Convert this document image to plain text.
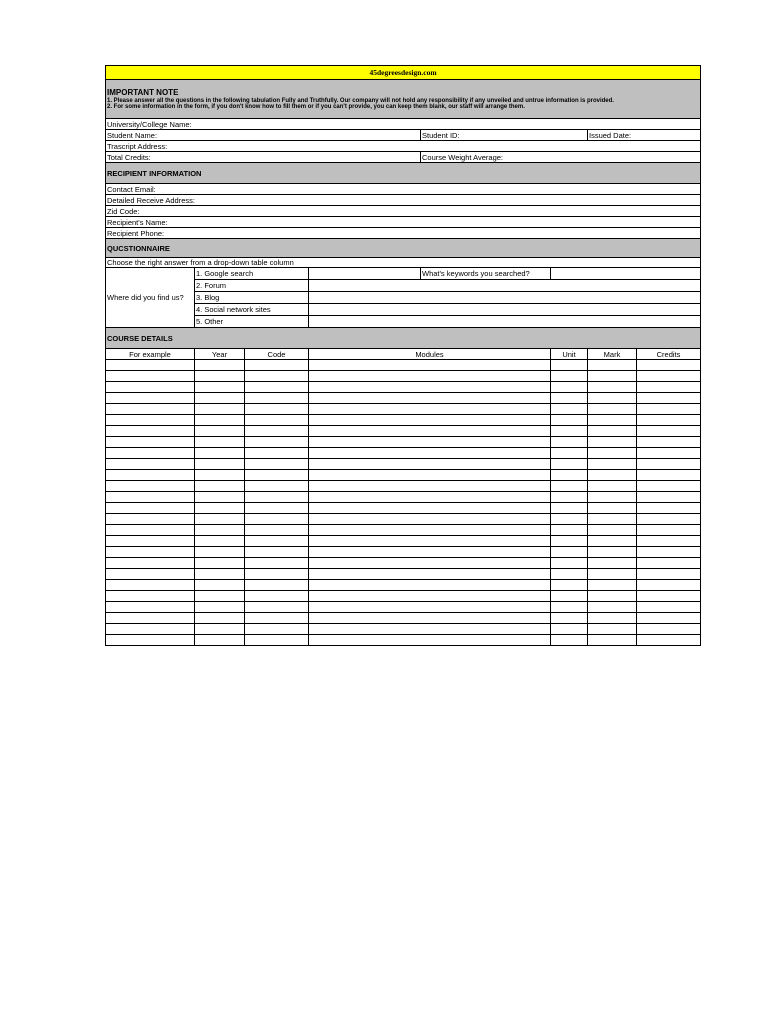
45degreesdesign.com							

IMPORTANT NOTE
1. Please answer all the questions in the following tabulation Fully and Truthfully. Our company will not hold any responsibility if any unveiled and untrue information is provided.
2. For some information in the form, if you don't know how to fill them or if you can't provide, you can keep them blank, our staff will arrange them.							

University/College Name:							
Student Name:				Student ID:		Issued Date:	
Trascript Address:							
Total Credits:				Course Weight Average:			
RECIPIENT INFORMATION							
Contact Email:							
Detailed Receive Address:							
Zid Code:							
Recipient's Name:							
Recipient Phone:							
QUCSTIONNAIRE							
Choose the right answer from a drop-down table column							
Where did you find us?	1. Google search			What's keywords you searched?			
	2. Forum						
	3. Blog						
	4. Social network sites						
	5. Other						
COURSE DETAILS							
For example	Year	Code	Modules		Unit	Mark	Credits
